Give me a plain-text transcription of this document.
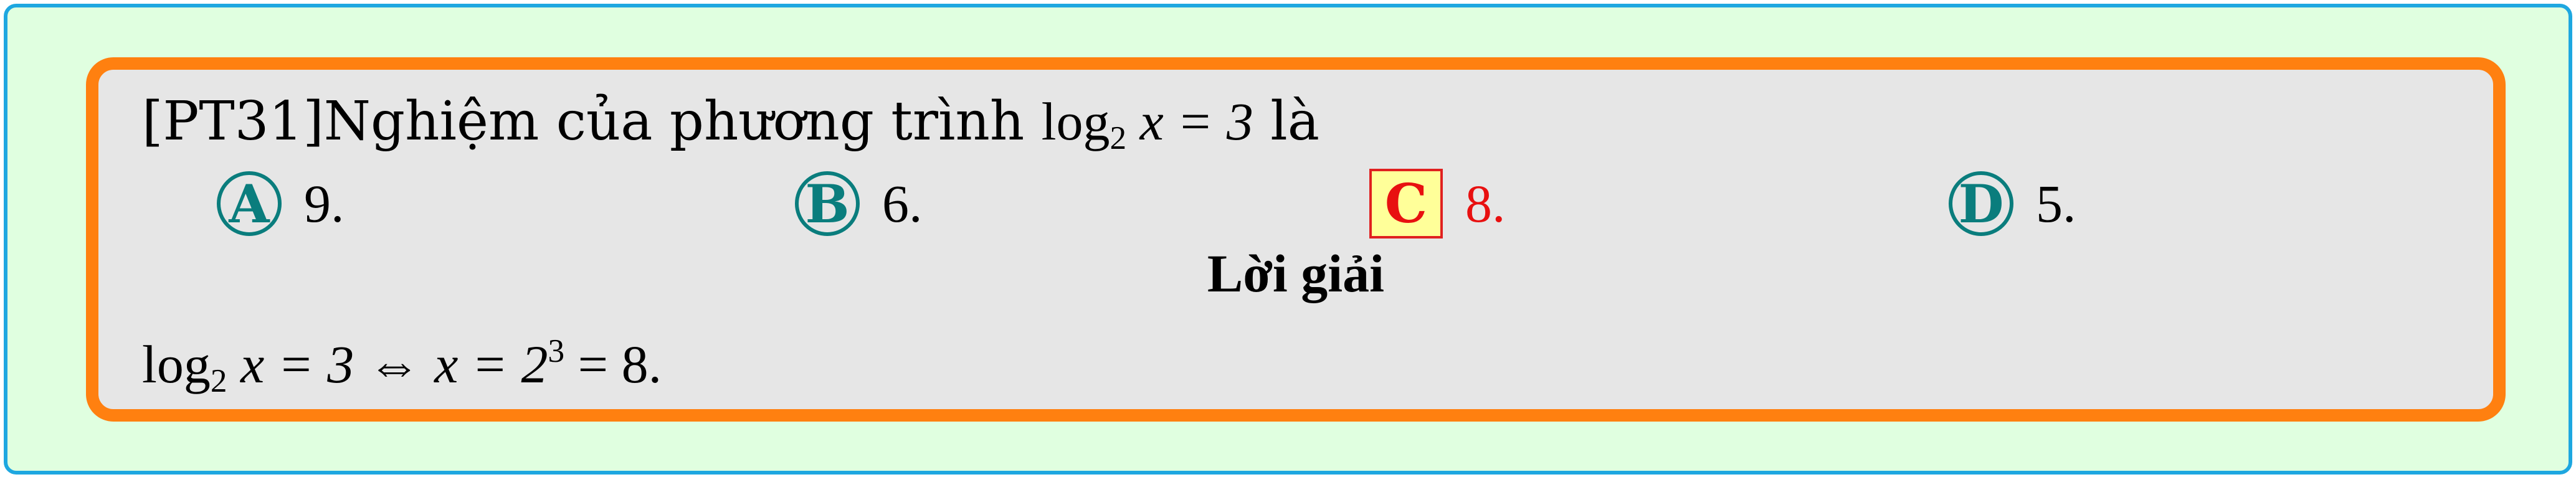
[PT31]Nghiệm của phương trình $\log_2 x = 3$ là
A 9.	B 6.	C 8.	D 5.
Lời giải
$\log_2 x = 3$ ⇔ $x = 2^3 = 8$.
